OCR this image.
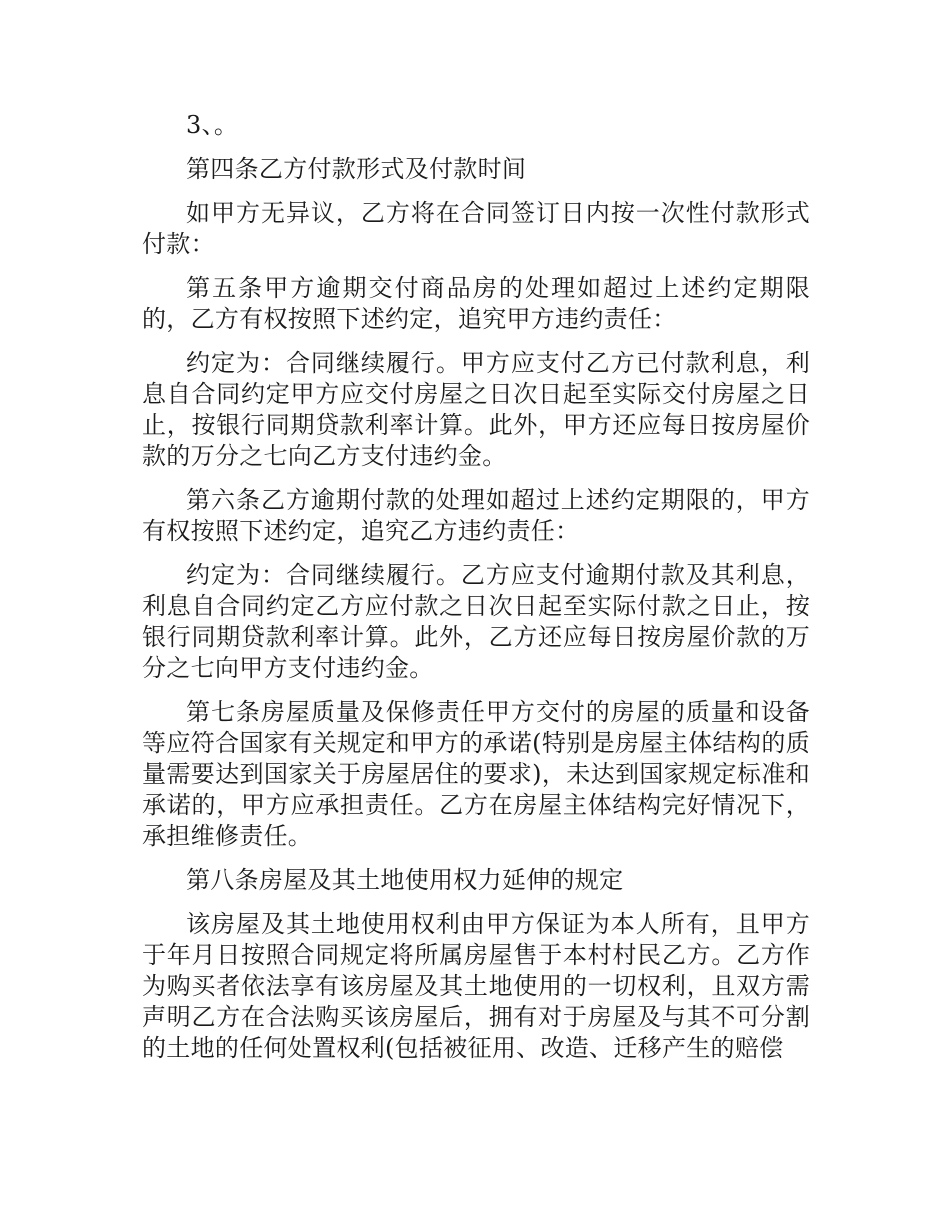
3、。

第四条乙方付款形式及付款时间

如甲方无异议，乙方将在合同签订日内按一次性付款形式付款：

第五条甲方逾期交付商品房的处理如超过上述约定期限的，乙方有权按照下述约定，追究甲方违约责任：

约定为：合同继续履行。甲方应支付乙方已付款利息，利息自合同约定甲方应交付房屋之日次日起至实际交付房屋之日止，按银行同期贷款利率计算。此外，甲方还应每日按房屋价款的万分之七向乙方支付违约金。

第六条乙方逾期付款的处理如超过上述约定期限的，甲方有权按照下述约定，追究乙方违约责任：

约定为：合同继续履行。乙方应支付逾期付款及其利息，利息自合同约定乙方应付款之日次日起至实际付款之日止，按银行同期贷款利率计算。此外，乙方还应每日按房屋价款的万分之七向甲方支付违约金。

第七条房屋质量及保修责任甲方交付的房屋的质量和设备等应符合国家有关规定和甲方的承诺(特别是房屋主体结构的质量需要达到国家关于房屋居住的要求)，未达到国家规定标准和承诺的，甲方应承担责任。乙方在房屋主体结构完好情况下，承担维修责任。

第八条房屋及其土地使用权力延伸的规定

该房屋及其土地使用权利由甲方保证为本人所有，且甲方于年月日按照合同规定将所属房屋售于本村村民乙方。乙方作为购买者依法享有该房屋及其土地使用的一切权利，且双方需声明乙方在合法购买该房屋后，拥有对于房屋及与其不可分割的土地的任何处置权利(包括被征用、改造、迁移产生的赔偿
